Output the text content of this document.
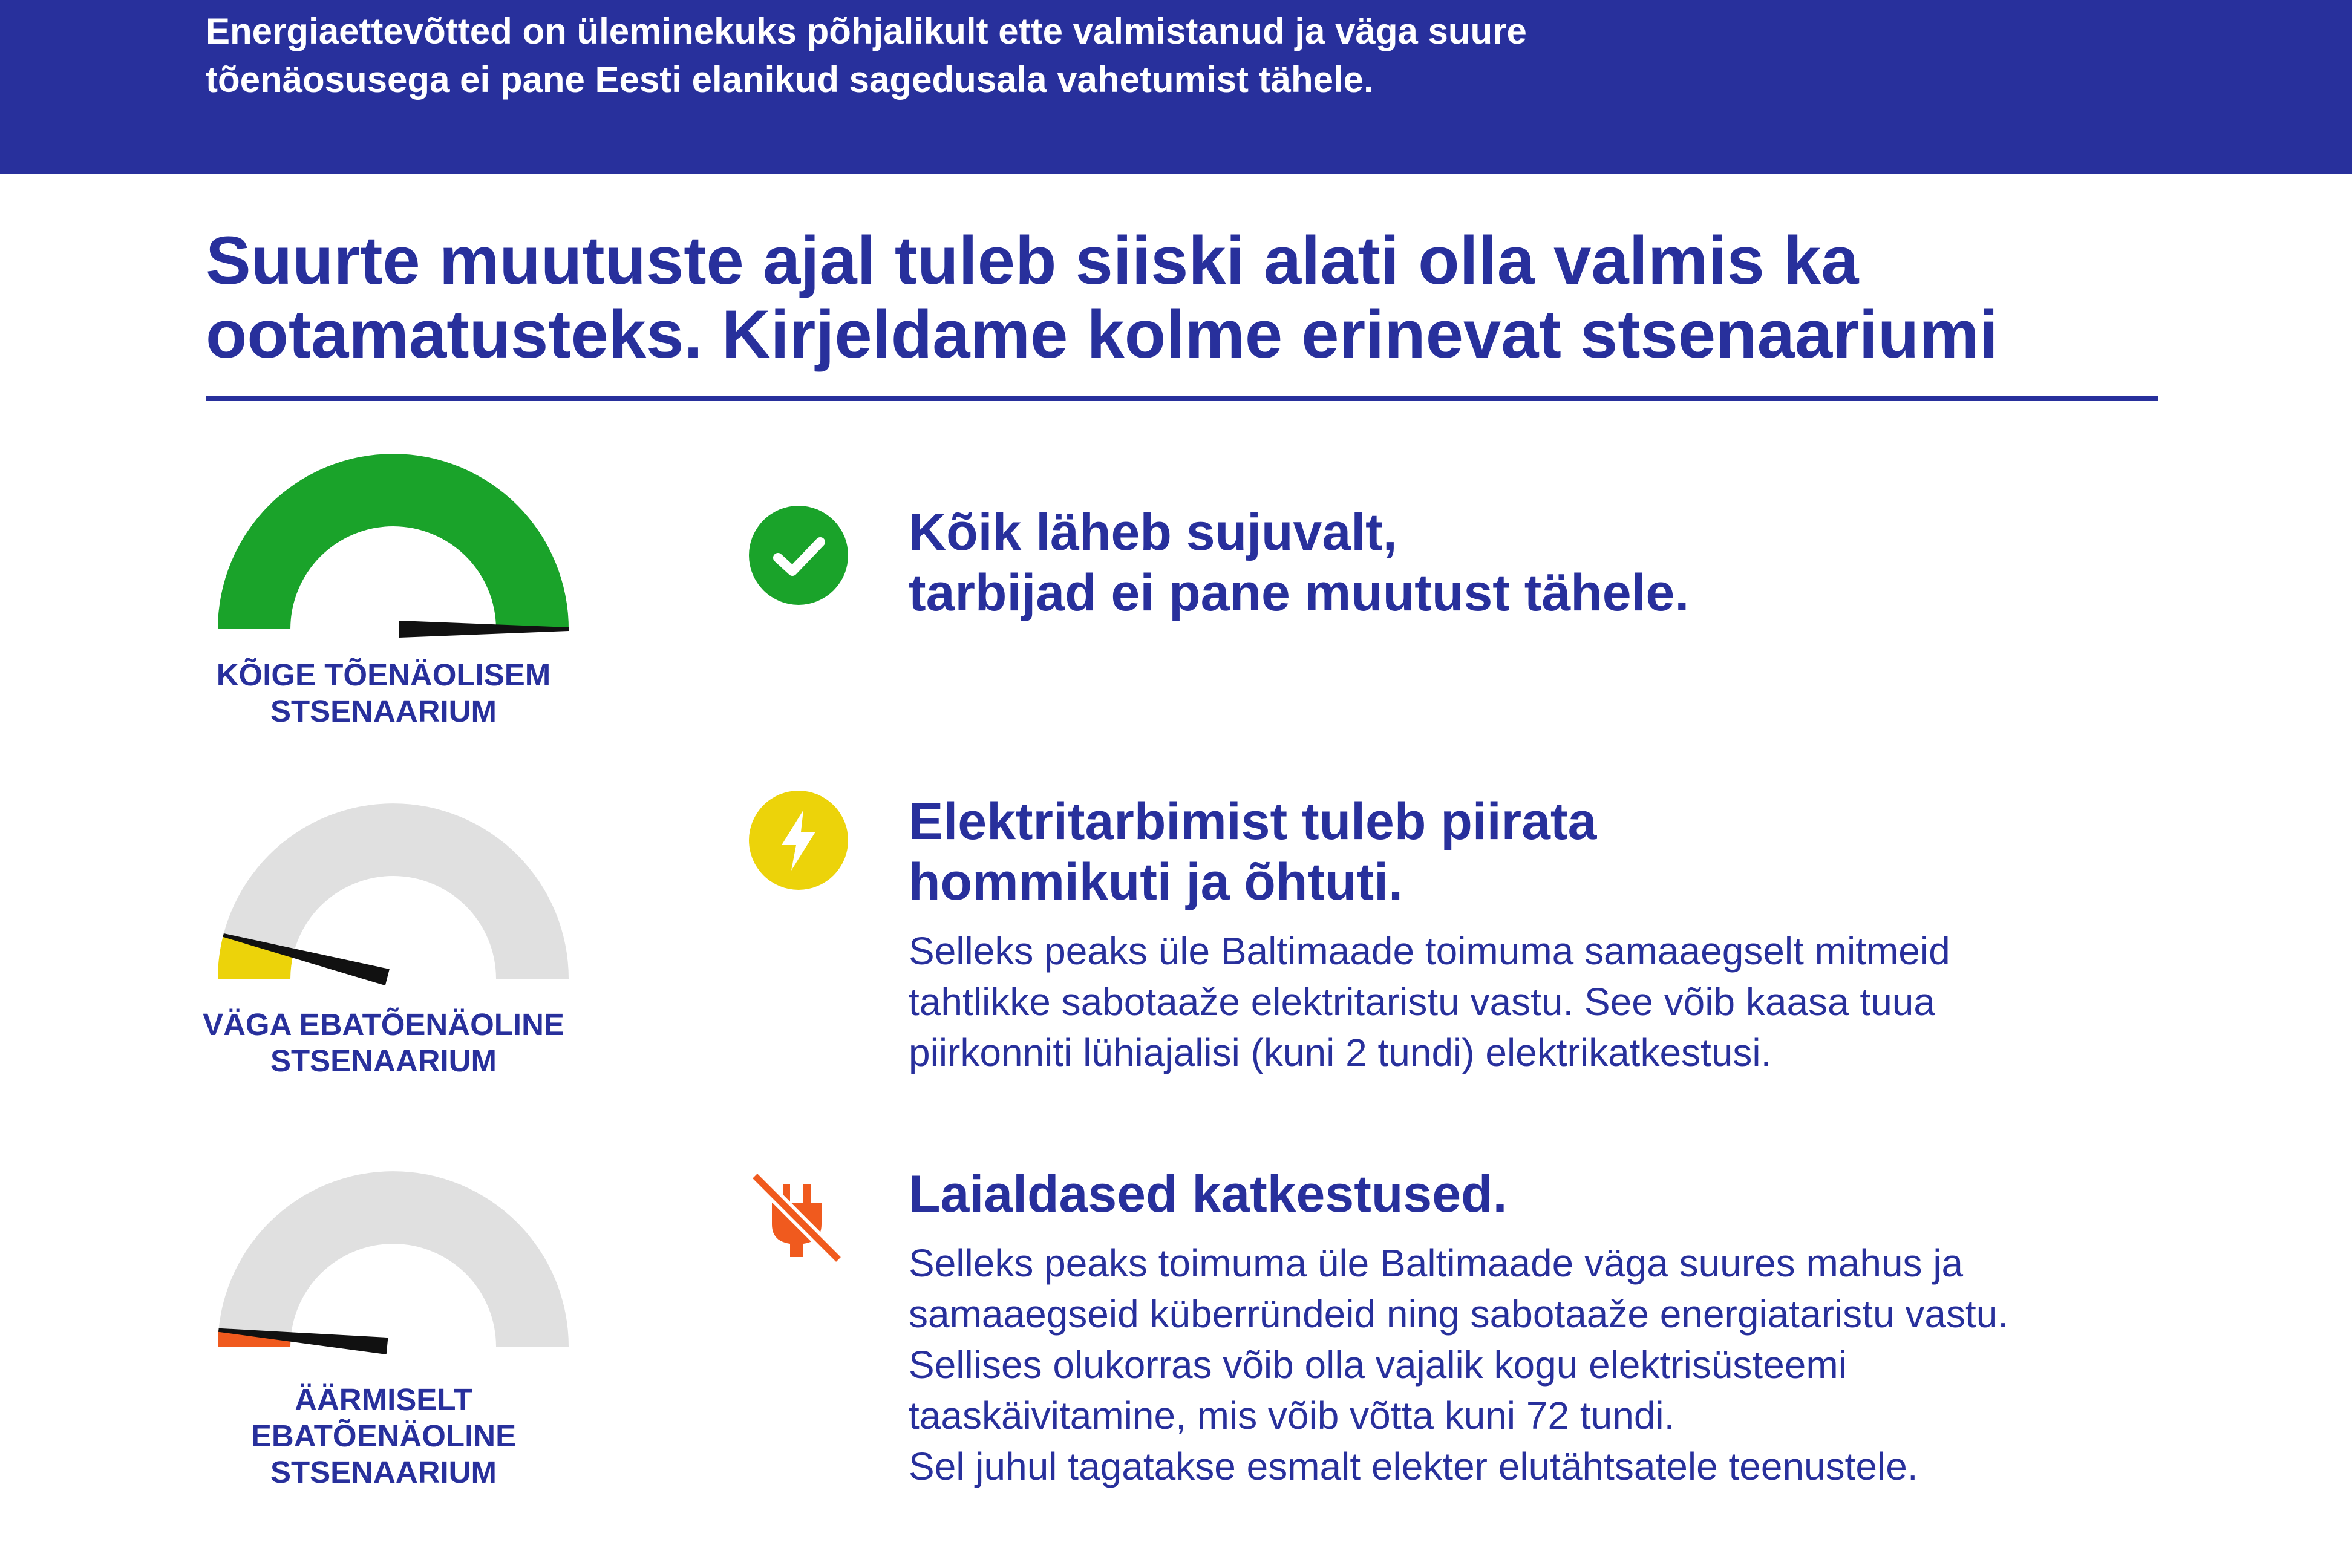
Energiaettevõtted on üleminekuks põhjalikult ette valmistanud ja väga suure
tõenäosusega ei pane Eesti elanikud sagedusala vahetumist tähele.
Suurte muutuste ajal tuleb siiski alati olla valmis ka
ootamatusteks. Kirjeldame kolme erinevat stsenaariumi
KÕIGE TÕENÄOLISEM
STSENAARIUM
Kõik läheb sujuvalt,
tarbijad ei pane muutust tähele.
VÄGA EBATÕENÄOLINE
STSENAARIUM
Elektritarbimist tuleb piirata
hommikuti ja õhtuti.
Selleks peaks üle Baltimaade toimuma samaaegselt mitmeid
tahtlikke sabotaaže elektritaristu vastu. See võib kaasa tuua
piirkonniti lühiajalisi (kuni 2 tundi) elektrikatkestusi.
ÄÄRMISELT
EBATÕENÄOLINE
STSENAARIUM
Laialdased katkestused.
Selleks peaks toimuma üle Baltimaade väga suures mahus ja
samaaegseid küberründeid ning sabotaaže energiataristu vastu.
Sellises olukorras võib olla vajalik kogu elektrisüsteemi
taaskäivitamine, mis võib võtta kuni 72 tundi.
Sel juhul tagatakse esmalt elekter elutähtsatele teenustele.
